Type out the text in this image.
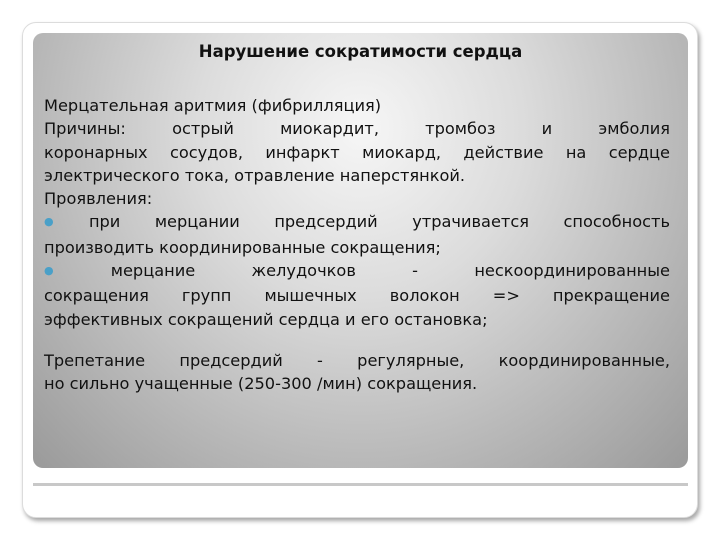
Нарушение сократимости сердца

Мерцательная аритмия (фибрилляция)

Причины: острый миокардит, тромбоз и эмболия

коронарных сосудов, инфаркт миокард, действие на сердце

электрического тока, отравление наперстянкой.

Проявления:

● при мерцании предсердий утрачивается способность

производить координированные сокращения;

● мерцание желудочков - нескоординированные

сокращения групп мышечных волокон => прекращение

эффективных сокращений сердца и его остановка;

Трепетание предсердий - регулярные, координированные,

но сильно учащенные (250-300 /мин) сокращения.
